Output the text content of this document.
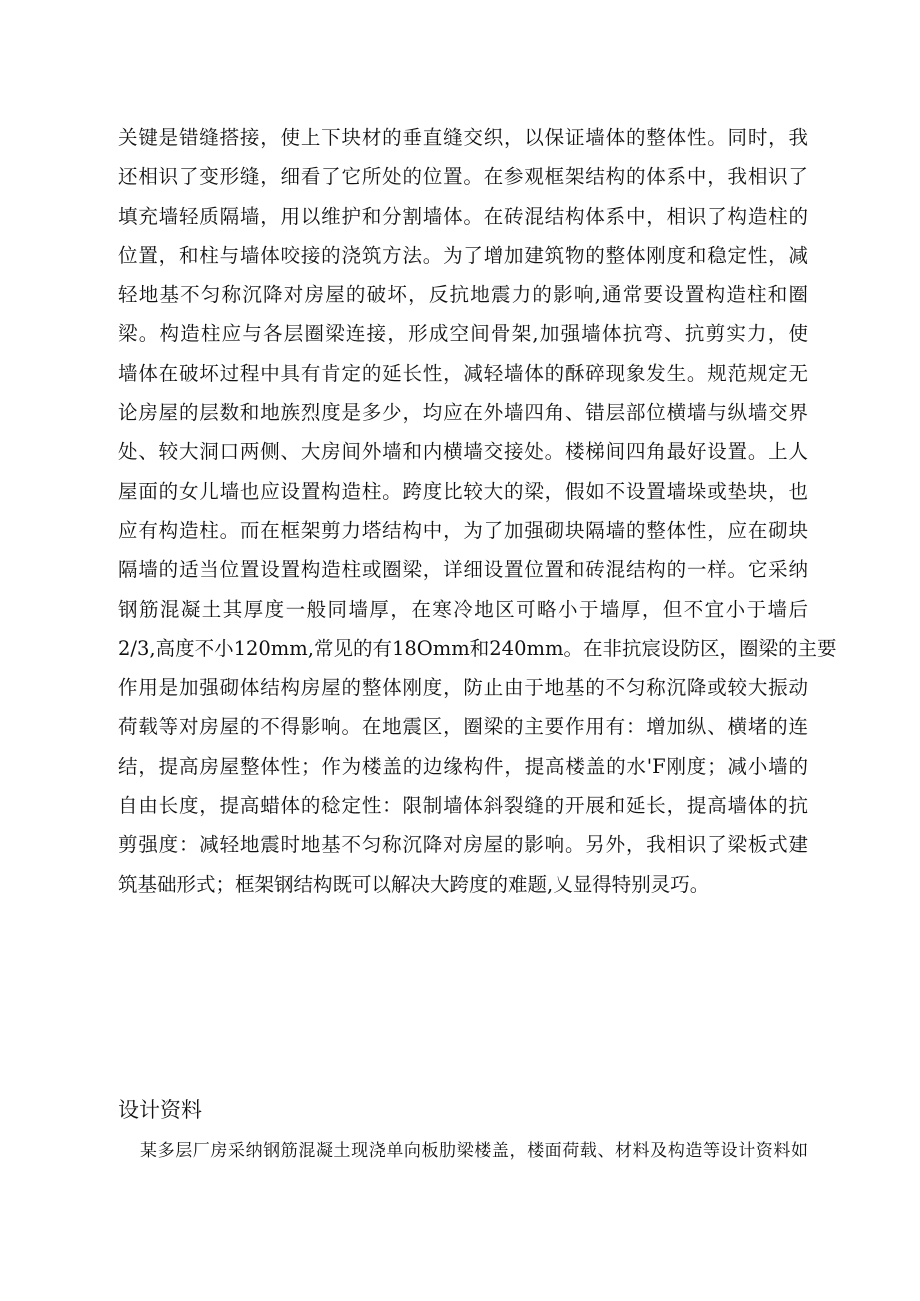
关键是错缝搭接，使上下块材的垂直缝交织，以保证墙体的整体性。同时，我
还相识了变形缝，细看了它所处的位置。在参观框架结构的体系中，我相识了
填充墙轻质隔墙，用以维护和分割墙体。在砖混结构体系中，相识了构造柱的
位置，和柱与墙体咬接的浇筑方法。为了增加建筑物的整体刚度和稳定性，减
轻地基不匀称沉降对房屋的破坏，反抗地震力的影响,通常要设置构造柱和圈
梁。构造柱应与各层圈梁连接，形成空间骨架,加强墙体抗弯、抗剪实力，使
墙体在破坏过程中具有肯定的延长性，减轻墙体的酥碎现象发生。规范规定无
论房屋的层数和地族烈度是多少，均应在外墙四角、错层部位横墙与纵墙交界
处、较大洞口两侧、大房间外墙和内横墙交接处。楼梯间四角最好设置。上人
屋面的女儿墙也应设置构造柱。跨度比较大的梁，假如不设置墙垛或垫块，也
应有构造柱。而在框架剪力塔结构中，为了加强砌块隔墙的整体性，应在砌块
隔墙的适当位置设置构造柱或圈梁，详细设置位置和砖混结构的一样。它采纳
钢筋混凝土其厚度一般同墙厚，在寒冷地区可略小于墙厚，但不宜小于墙后
2/3,高度不小120mm,常见的有18Omm和240mm。在非抗宸设防区，圈梁的主要
作用是加强砌体结构房屋的整体刚度，防止由于地基的不匀称沉降或较大振动
荷载等对房屋的不得影响。在地震区，圈梁的主要作用有：增加纵、横堵的连
结，提高房屋整体性；作为楼盖的边缘构件，提高楼盖的水'F刚度；减小墙的
自由长度，提高蜡体的稔定性：限制墙体斜裂缝的开展和延长，提高墙体的抗
剪强度：减轻地震时地基不匀称沉降对房屋的影响。另外，我相识了梁板式建
筑基础形式；框架钢结构既可以解决大跨度的难题,乂显得特别灵巧。
设计资料

某多层厂房采纳钢筋混凝土现浇单向板肋梁楼盖，楼面荷载、材料及构造等设计资料如
